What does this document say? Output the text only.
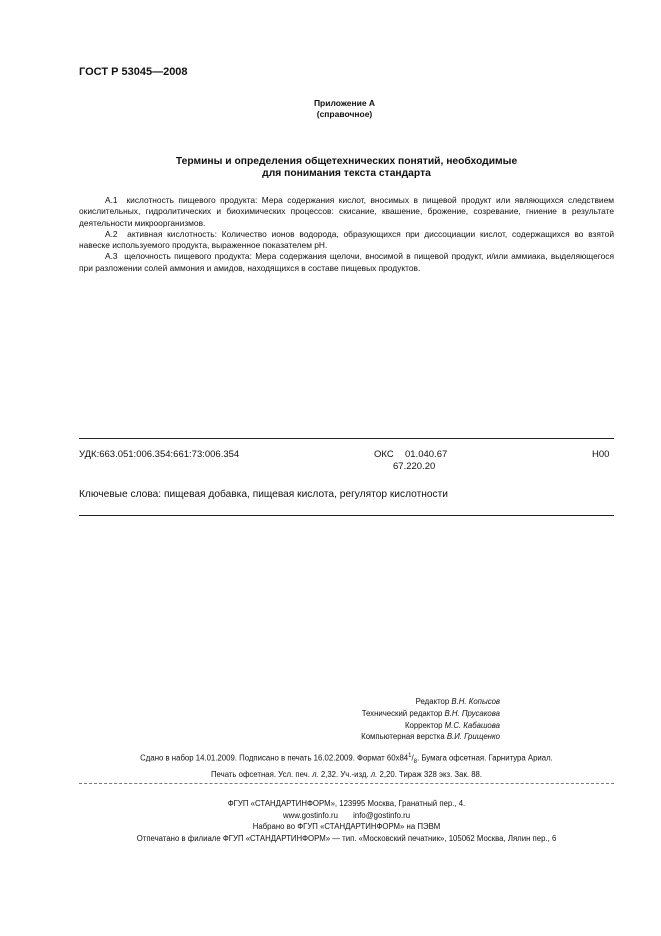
ГОСТ Р 53045—2008
Приложение А
(справочное)
Термины и определения общетехнических понятий, необходимые
для понимания текста стандарта

А.1 кислотность пищевого продукта: Мера содержания кислот, вносимых в пищевой продукт или являющихся следствием окислительных, гидролитических и биохимических процессов: скисание, квашение, брожение, созревание, гниение в результате деятельности микроорганизмов.

А.2 активная кислотность: Количество ионов водорода, образующихся при диссоциации кислот, содержащихся во взятой навеске используемого продукта, выраженное показателем pH.

А.3 щелочность пищевого продукта: Мера содержания щелочи, вносимой в пищевой продукт, и/или аммиака, выделяющегося при разложении солей аммония и амидов, находящихся в составе пищевых продуктов.

УДК:663.051:006.354:661:73:006.354	ОКС 01.040.67
67.220.20
Н00
Ключевые слова: пищевая добавка, пищевая кислота, регулятор кислотности
Редактор В.Н. Копысов
Технический редактор В.Н. Прусакова
Корректор М.С. Кабашова
Компьютерная верстка В.И. Грищенко
Сдано в набор 14.01.2009. Подписано в печать 16.02.2009. Формат $60х84^1/_8$. Бумага офсетная. Гарнитура Ариал.
Печать офсетная. Усл. печ. л. 2,32. Уч.-изд. л. 2,20. Тираж 328 экз. Зак. 88.
ФГУП «СТАНДАРТИНФОРМ», 123995 Москва, Гранатный пер., 4.
www.gostinfo.ru info@gostinfo.ru
Набрано во ФГУП «СТАНДАРТИНФОРМ» на ПЭВМ
Отпечатано в филиале ФГУП «СТАНДАРТИНФОРМ» — тип. «Московский печатник», 105062 Москва, Лялин пер., 6
